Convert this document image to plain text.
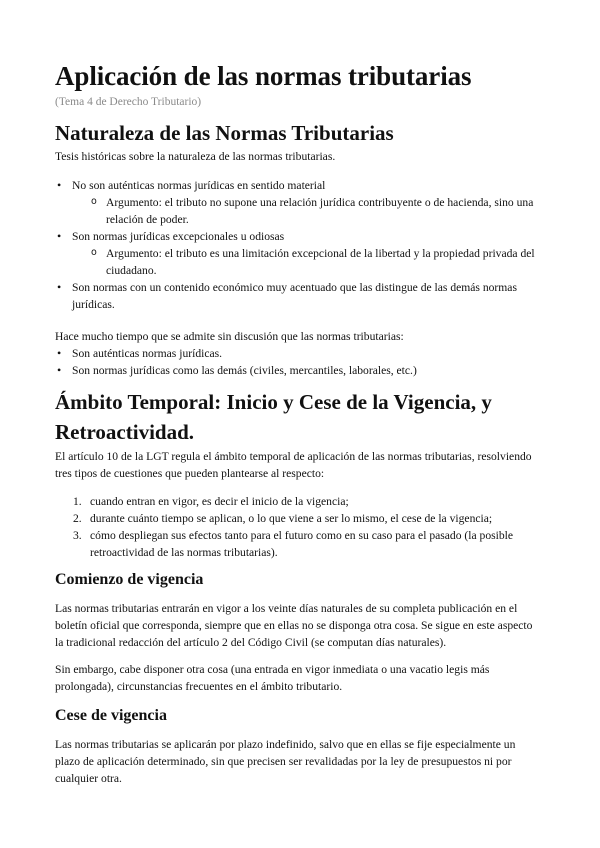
Aplicación de las normas tributarias
(Tema 4 de Derecho Tributario)
Naturaleza de las Normas Tributarias

Tesis históricas sobre la naturaleza de las normas tributarias.

• No son auténticas normas jurídicas en sentido material
o Argumento: el tributo no supone una relación jurídica contribuyente o de hacienda, sino una relación de poder.
• Son normas jurídicas excepcionales u odiosas
o Argumento: el tributo es una limitación excepcional de la libertad y la propiedad privada del ciudadano.
• Son normas con un contenido económico muy acentuado que las distingue de las demás normas jurídicas.

Hace mucho tiempo que se admite sin discusión que las normas tributarias:

• Son auténticas normas jurídicas.
• Son normas jurídicas como las demás (civiles, mercantiles, laborales, etc.)
Ámbito Temporal: Inicio y Cese de la Vigencia, y Retroactividad.

El artículo 10 de la LGT regula el ámbito temporal de aplicación de las normas tributarias, resolviendo tres tipos de cuestiones que pueden plantearse al respecto:

cuando entran en vigor, es decir el inicio de la vigencia;
durante cuánto tiempo se aplican, o lo que viene a ser lo mismo, el cese de la vigencia;
cómo despliegan sus efectos tanto para el futuro como en su caso para el pasado (la posible retroactividad de las normas tributarias).
Comienzo de vigencia

Las normas tributarias entrarán en vigor a los veinte días naturales de su completa publicación en el boletín oficial que corresponda, siempre que en ellas no se disponga otra cosa. Se sigue en este aspecto la tradicional redacción del artículo 2 del Código Civil (se computan días naturales).

Sin embargo, cabe disponer otra cosa (una entrada en vigor inmediata o una vacatio legis más prolongada), circunstancias frecuentes en el ámbito tributario.

Cese de vigencia

Las normas tributarias se aplicarán por plazo indefinido, salvo que en ellas se fije especialmente un plazo de aplicación determinado, sin que precisen ser revalidadas por la ley de presupuestos ni por cualquier otra.
